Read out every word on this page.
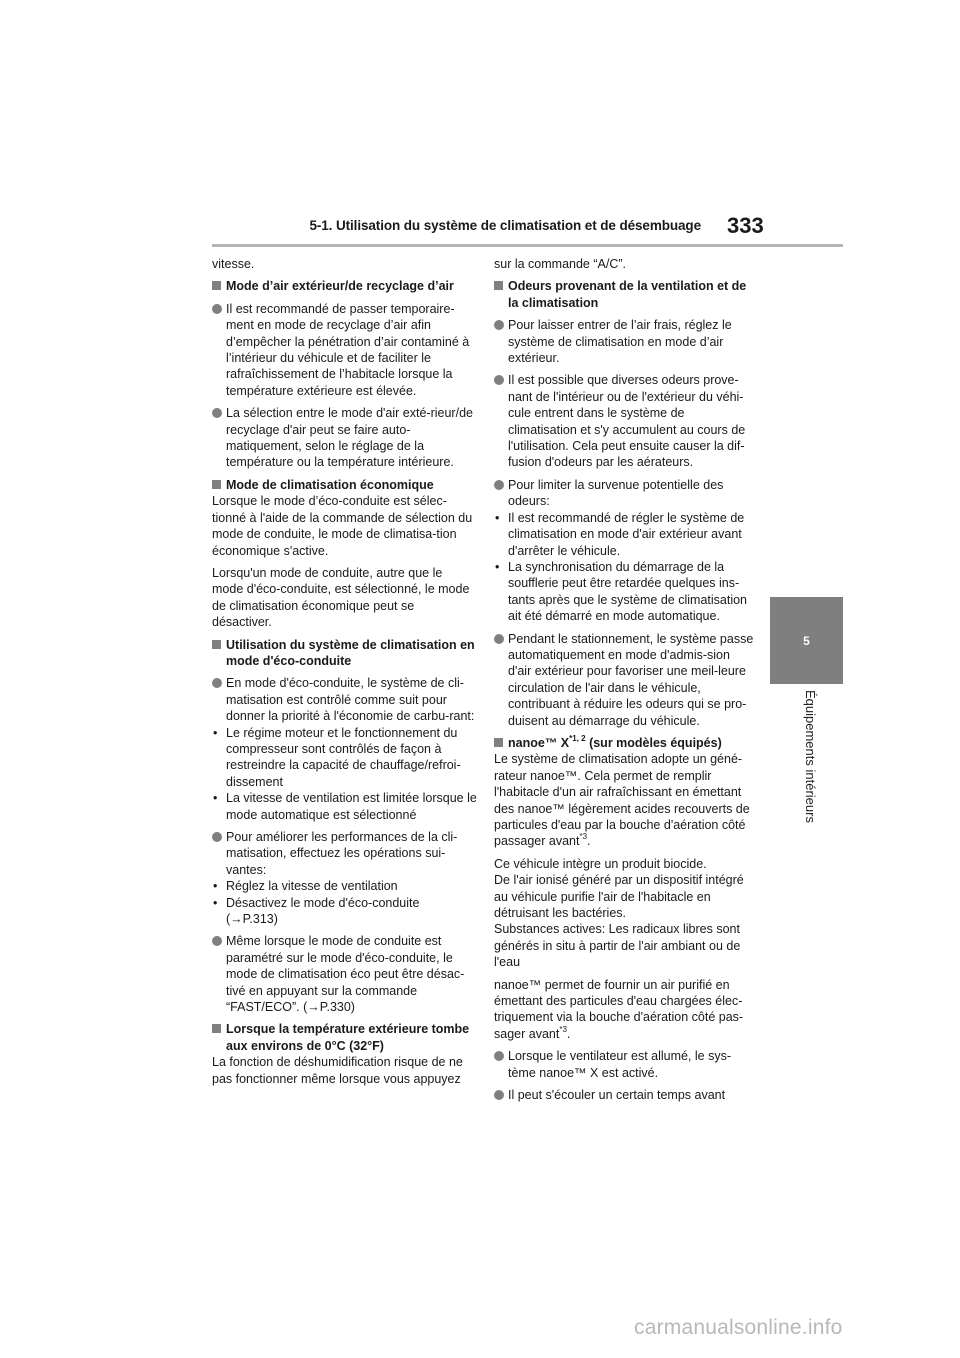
5-1. Utilisation du système de climatisation et de désembuage 333
5
Équipements intérieurs

vitesse.

Mode d’air extérieur/de recyclage d’air
Il est recommandé de passer temporaire-ment en mode de recyclage d’air afin d’empêcher la pénétration d’air contaminé à l’intérieur du véhicule et de faciliter le rafraîchissement de l’habitacle lorsque la température extérieure est élevée.
La sélection entre le mode d'air exté-rieur/de recyclage d'air peut se faire auto-matiquement, selon le réglage de la température ou la température intérieure.
Mode de climatisation économique

Lorsque le mode d’éco-conduite est sélec-tionné à l'aide de la commande de sélection du mode de conduite, le mode de climatisa-tion économique s'active.

Lorsqu'un mode de conduite, autre que le mode d'éco-conduite, est sélectionné, le mode de climatisation économique peut se désactiver.

Utilisation du système de climatisation en mode d'éco-conduite
En mode d'éco-conduite, le système de cli-matisation est contrôlé comme suit pour donner la priorité à l'économie de carbu-rant:
• Le régime moteur et le fonctionnement du compresseur sont contrôlés de façon à restreindre la capacité de chauffage/refroi-dissement
• La vitesse de ventilation est limitée lorsque le mode automatique est sélectionné
Pour améliorer les performances de la cli-matisation, effectuez les opérations sui-vantes:
• Réglez la vitesse de ventilation
• Désactivez le mode d'éco-conduite
(→P.313)
Même lorsque le mode de conduite est paramétré sur le mode d'éco-conduite, le mode de climatisation éco peut être désac-tivé en appuyant sur la commande “FAST/ECO”. (→P.330)
Lorsque la température extérieure tombe aux environs de 0°C (32°F)

La fonction de déshumidification risque de ne pas fonctionner même lorsque vous appuyez

sur la commande “A/C”.

Odeurs provenant de la ventilation et de la climatisation
Pour laisser entrer de l’air frais, réglez le système de climatisation en mode d’air extérieur.
Il est possible que diverses odeurs prove-nant de l'intérieur ou de l'extérieur du véhi-cule entrent dans le système de climatisation et s'y accumulent au cours de l'utilisation. Cela peut ensuite causer la dif-fusion d'odeurs par les aérateurs.
Pour limiter la survenue potentielle des odeurs:
• Il est recommandé de régler le système de climatisation en mode d'air extérieur avant d'arrêter le véhicule.
• La synchronisation du démarrage de la soufflerie peut être retardée quelques ins-tants après que le système de climatisation ait été démarré en mode automatique.
Pendant le stationnement, le système passe automatiquement en mode d'admis-sion d'air extérieur pour favoriser une meil-leure circulation de l'air dans le véhicule, contribuant à réduire les odeurs qui se pro-duisent au démarrage du véhicule.
nanoe™ X$^{*1, 2}$ (sur modèles équipés)

Le système de climatisation adopte un géné-rateur nanoe™. Cela permet de remplir l'habitacle d'un air rafraîchissant en émettant des nanoe™ légèrement acides recouverts de particules d'eau par la bouche d'aération côté passager avant$^{*3}$.

Ce véhicule intègre un produit biocide.

De l'air ionisé généré par un dispositif intégré au véhicule purifie l'air de l'habitacle en détruisant les bactéries.

Substances actives: Les radicaux libres sont générés in situ à partir de l'air ambiant ou de l'eau

nanoe™ permet de fournir un air purifié en émettant des particules d'eau chargées élec-triquement via la bouche d'aération côté pas-sager avant$^{*3}$.

Lorsque le ventilateur est allumé, le sys-tème nanoe™ X est activé.
Il peut s'écouler un certain temps avant
carmanualsonline.info
